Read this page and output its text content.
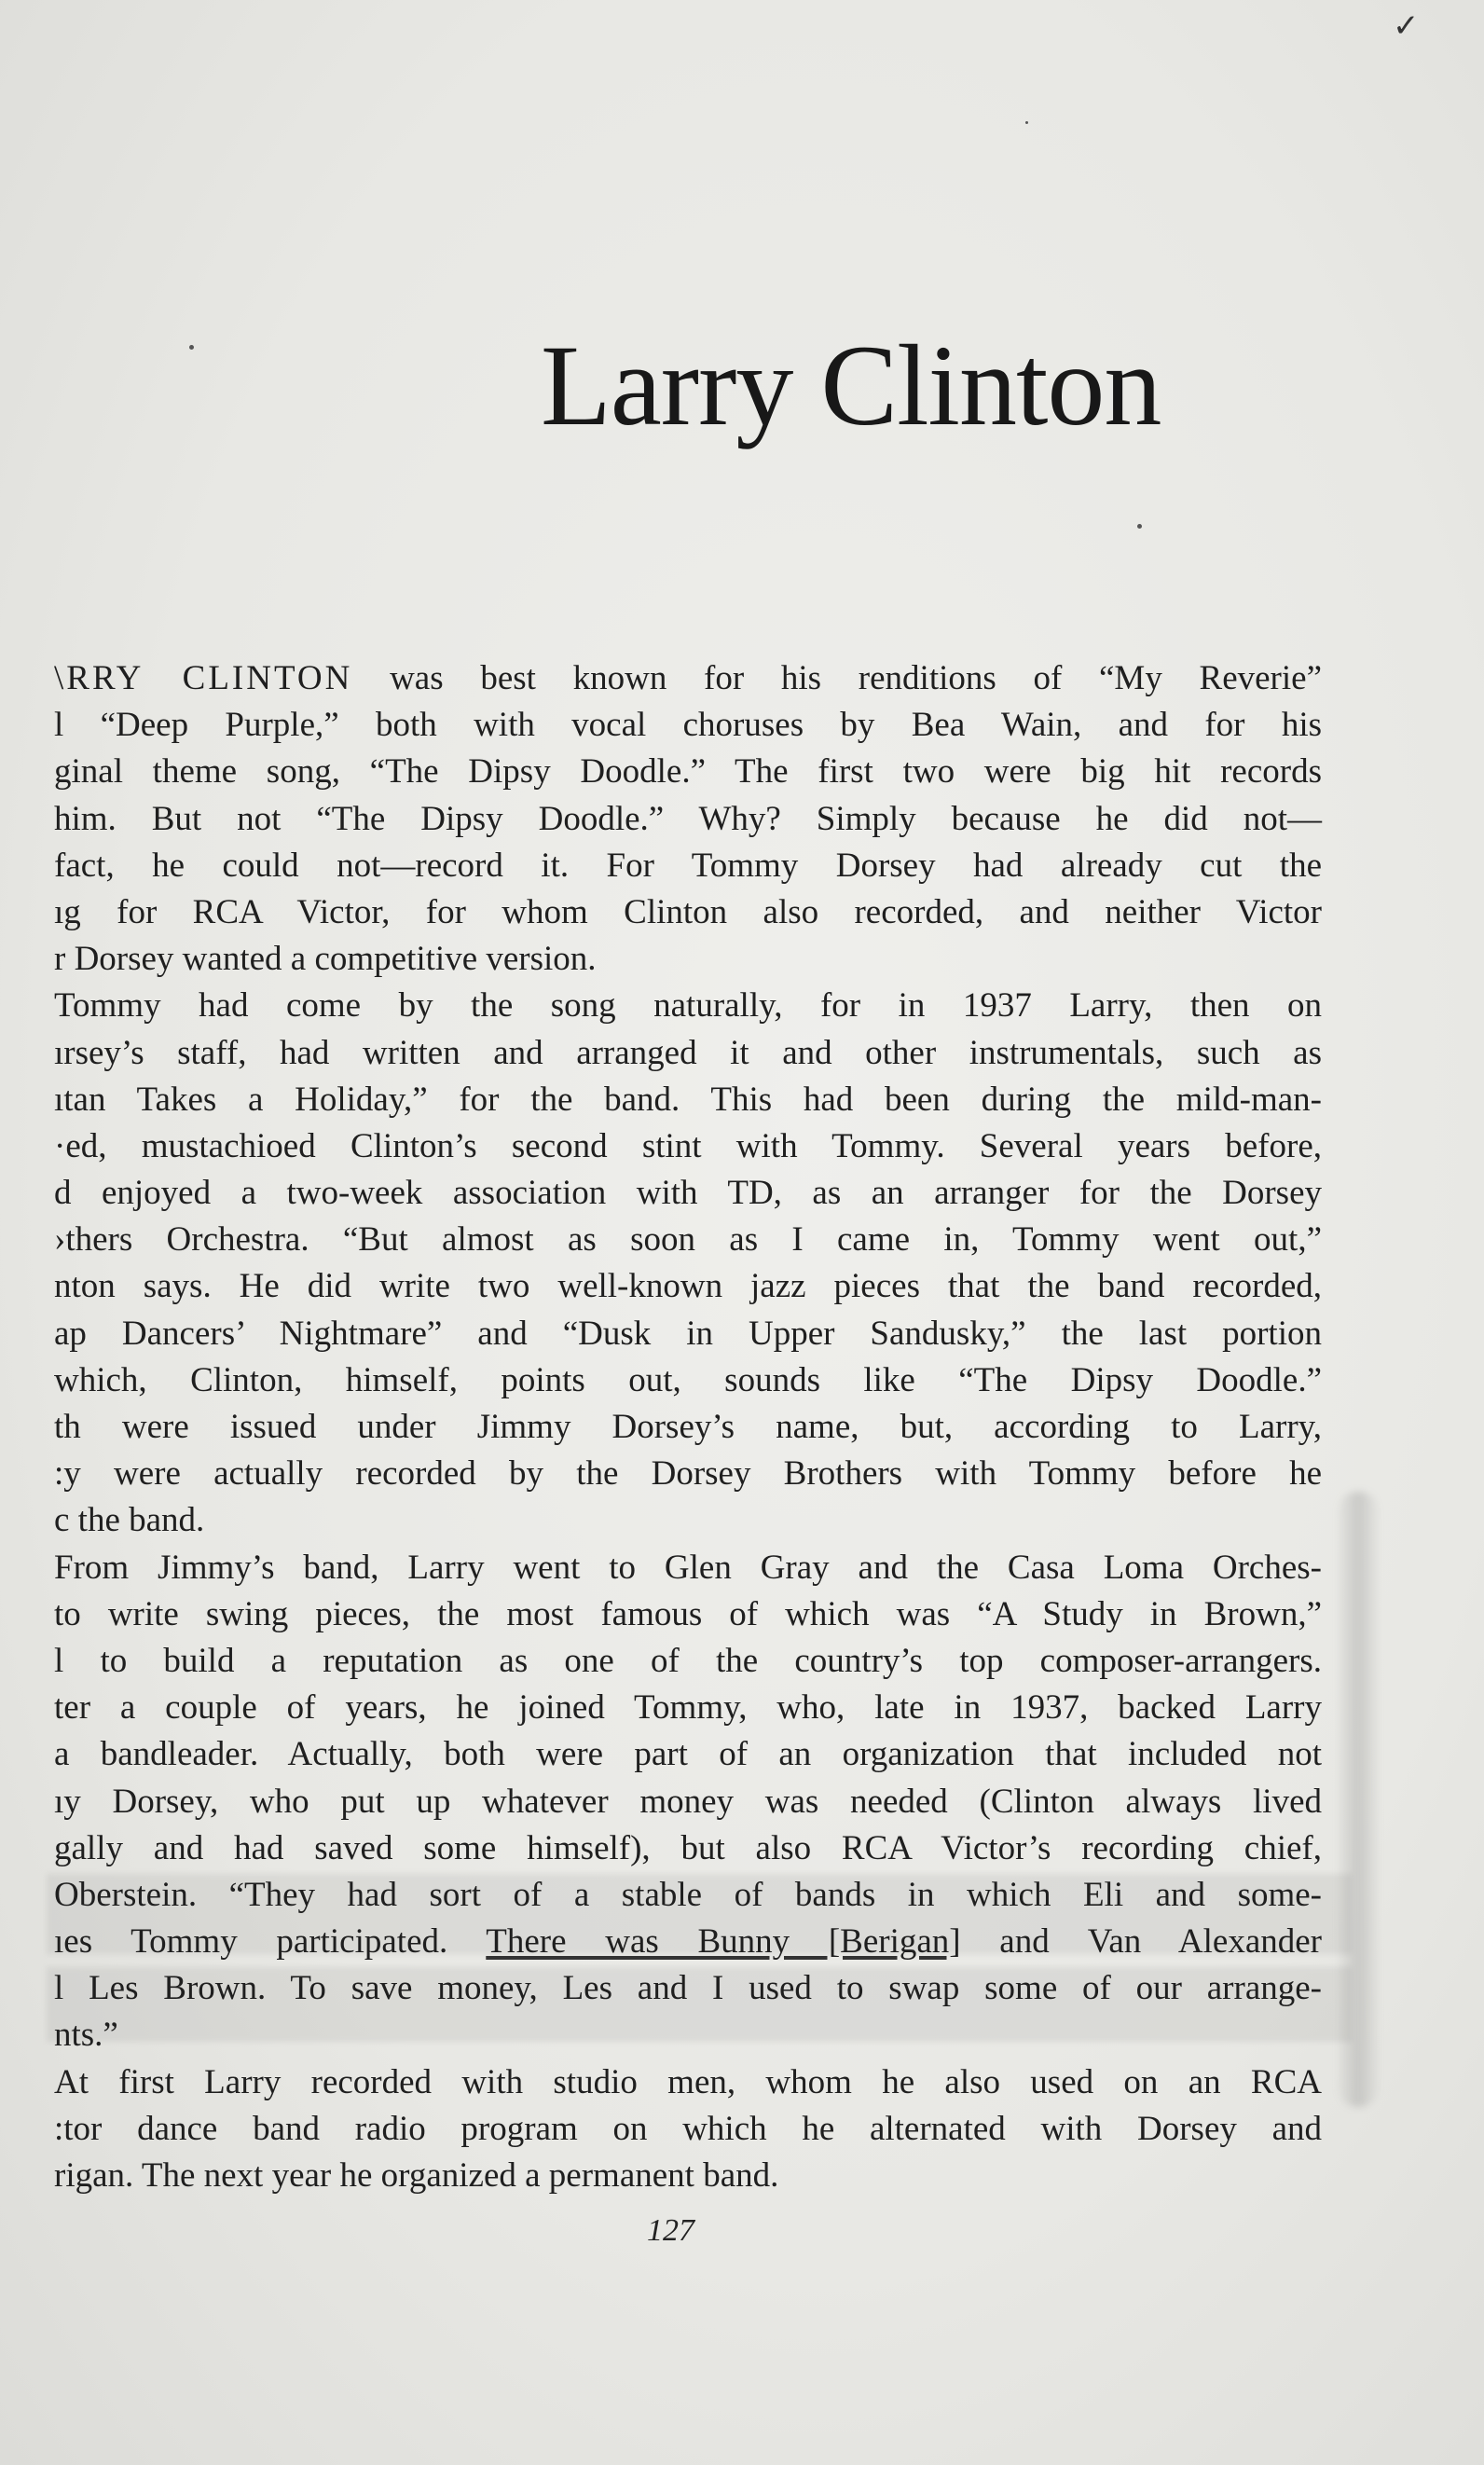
✓
Larry Clinton
\RRY CLINTON was best known for his renditions of “My Reverie”
l “Deep Purple,” both with vocal choruses by Bea Wain, and for his
ginal theme song, “The Dipsy Doodle.” The first two were big hit records
him. But not “The Dipsy Doodle.” Why? Simply because he did not—
fact, he could not—record it. For Tommy Dorsey had already cut the
ıg for RCA Victor, for whom Clinton also recorded, and neither Victor
r Dorsey wanted a competitive version.
Tommy had come by the song naturally, for in 1937 Larry, then on
ırsey’s staff, had written and arranged it and other instrumentals, such as
ıtan Takes a Holiday,” for the band. This had been during the mild-man-
·ed, mustachioed Clinton’s second stint with Tommy. Several years before,
d enjoyed a two-week association with TD, as an arranger for the Dorsey
›thers Orchestra. “But almost as soon as I came in, Tommy went out,”
nton says. He did write two well-known jazz pieces that the band recorded,
ap Dancers’ Nightmare” and “Dusk in Upper Sandusky,” the last portion
which, Clinton, himself, points out, sounds like “The Dipsy Doodle.”
th were issued under Jimmy Dorsey’s name, but, according to Larry,
:y were actually recorded by the Dorsey Brothers with Tommy before he
c the band.
From Jimmy’s band, Larry went to Glen Gray and the Casa Loma Orches-
to write swing pieces, the most famous of which was “A Study in Brown,”
l to build a reputation as one of the country’s top composer-arrangers.
ter a couple of years, he joined Tommy, who, late in 1937, backed Larry
a bandleader. Actually, both were part of an organization that included not
ıy Dorsey, who put up whatever money was needed (Clinton always lived
gally and had saved some himself), but also RCA Victor’s recording chief,
Oberstein. “They had sort of a stable of bands in which Eli and some-
ıes Tommy participated. There was Bunny [Berigan] and Van Alexander
l Les Brown. To save money, Les and I used to swap some of our arrange-
nts.”
At first Larry recorded with studio men, whom he also used on an RCA
:tor dance band radio program on which he alternated with Dorsey and
rigan. The next year he organized a permanent band.

127
